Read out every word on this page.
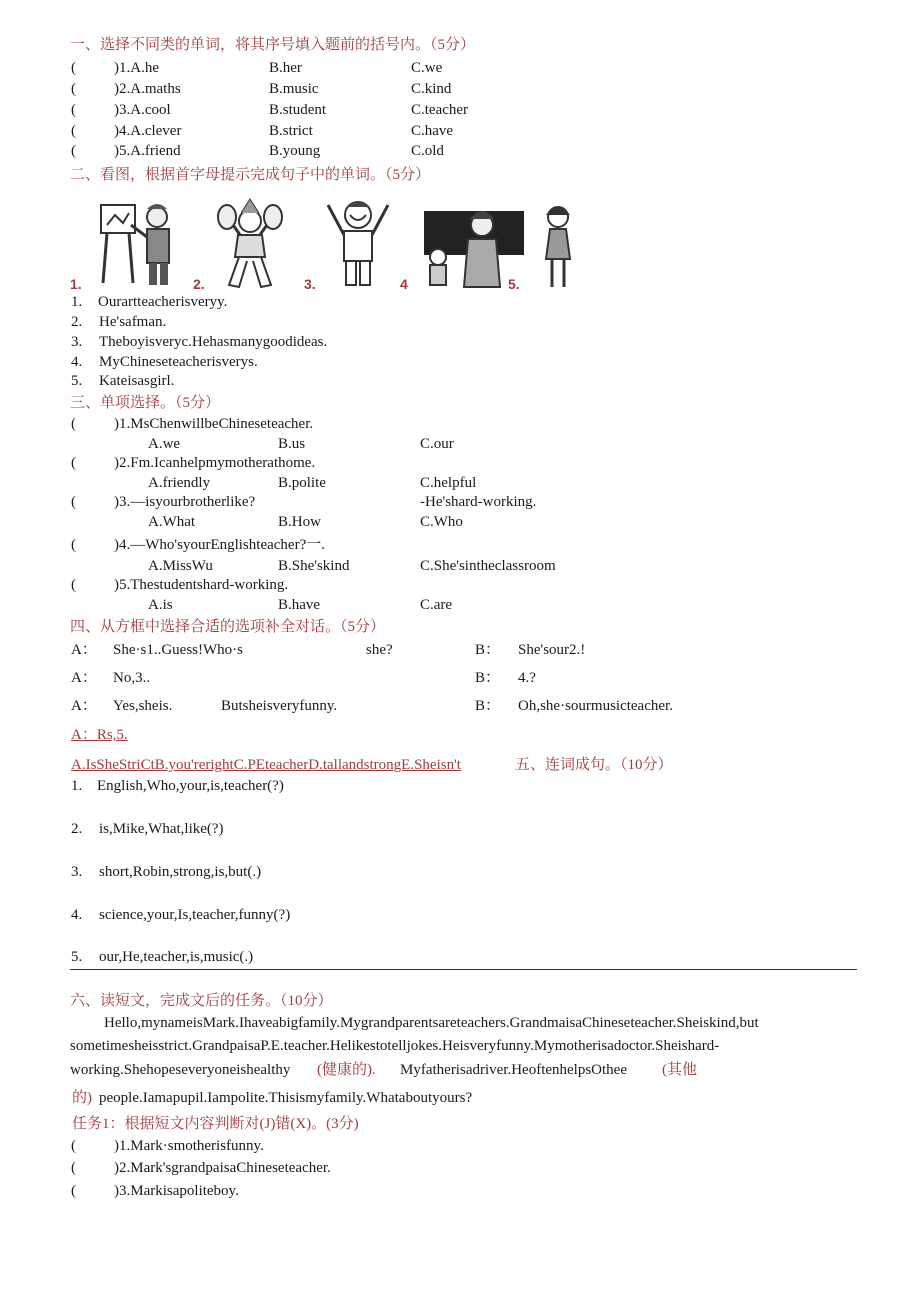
一、选择不同类的单词，将其序号填入题前的括号内。（5分）
(	)1.A.he	B.her	C.we
(	)2.A.maths	B.music	C.kind
(	)3.A.cool	B.student	C.teacher
(	)4.A.clever	B.strict	C.have
(	)5.A.friend	B.young	C.old
二、看图，根据首字母提示完成句子中的单词。（5分）
1.	2.	3.	4	5.
1. Ourartteacherisveryy.
2. He'safman.
3. Theboyisveryc.Hehasmanygoodideas.
4. MyChineseteacherisverys.
5. Kateisasgirl.
三、单项选择。（5分）
(	)1.MsChenwillbeChineseteacher.
A.we	B.us	C.our
(	)2.Fm.Icanhelpmymotherathome.
A.friendly	B.polite	C.helpful
(	)3.—isyourbrotherlike?	-He'shard-working.
A.What	B.How	C.Who
(	)4.—Who'syourEnglishteacher?一.
A.MissWu	B.She'skind	C.She'sintheclassroom
(	)5.Thestudentshard-working.
A.is	B.have	C.are
四、从方框中选择合适的选项补全对话。（5分）
A： She·s1..Guess!Who·s	she?	B： She'sour2.!
A： No,3..	B： 4.?
A： Yes,sheis.	Butsheisveryfunny.	B： Oh,she·sourmusicteacher.
A：Rs,5.
A.IsSheStriCtB.you'rerightC.PEteacherD.tallandstrongE.Sheisn't	五、连词成句。（10分）
1. English,Who,your,is,teacher(?)
2. is,Mike,What,like(?)
3. short,Robin,strong,is,but(.)
4. science,your,Is,teacher,funny(?)
5. our,He,teacher,is,music(.)
六、读短文，完成文后的任务。（10分）
Hello,mynameisMark.Ihaveabigfamily.Mygrandparentsareteachers.GrandmaisaChineseteacher.Sheiskind,but
sometimesheisstrict.GrandpaisaP.E.teacher.Helikestotelljokes.Heisveryfunny.Mymotherisadoctor.Sheishard-
working.Shehopeseveryoneishealthy (健康的). Myfatherisadriver.HeoftenhelpsOthee (其他
的) people.Iamapupil.Iampolite.Thisismyfamily.Whataboutyours?
任务1：根据短文内容判断对(J)错(X)。(3分)
(	)1.Mark·smotherisfunny.
(	)2.Mark'sgrandpaisaChineseteacher.
(	)3.Markisapoliteboy.
